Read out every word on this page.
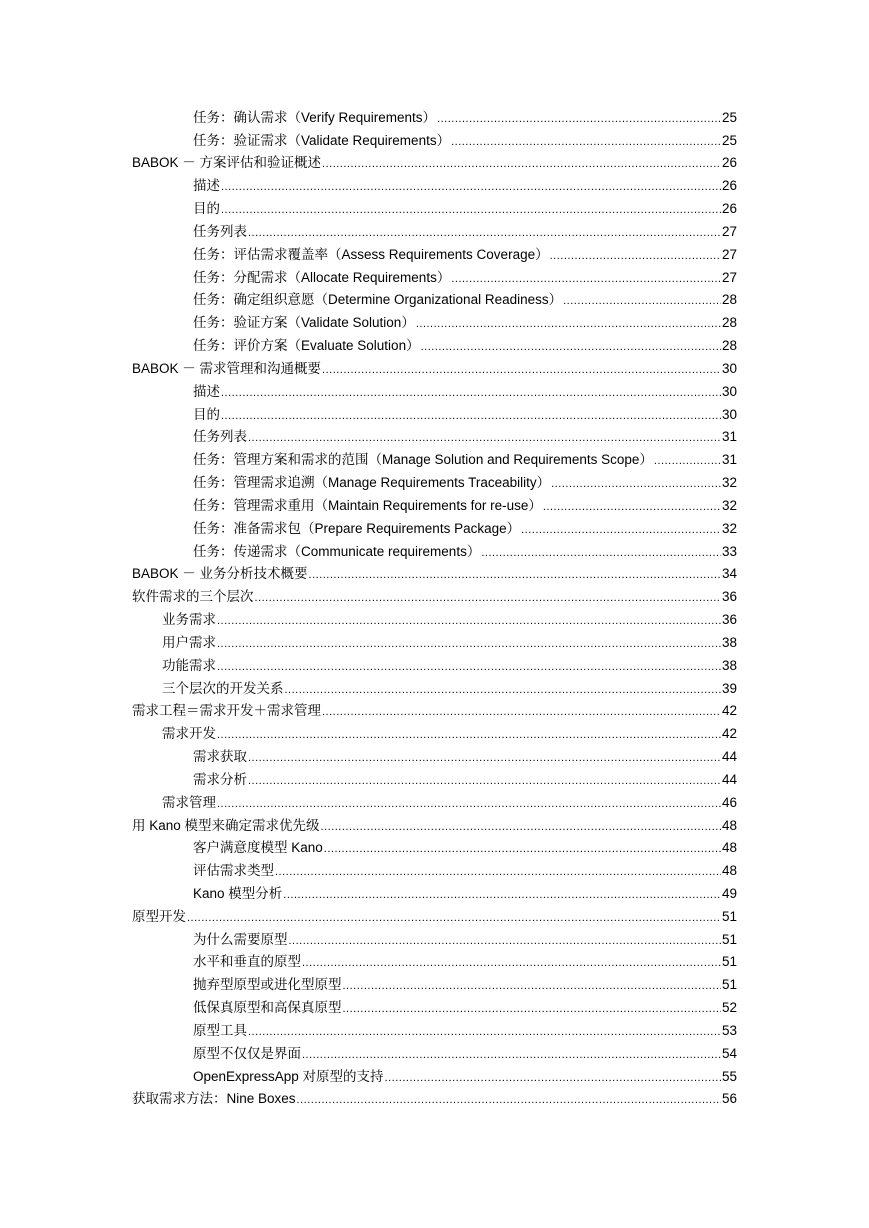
任务：确认需求（Verify Requirements） .....	25
任务：验证需求（Validate Requirements） .....	25
BABOK － 方案评估和验证概述 .....	26
描述 .....	26
目的 .....	26
任务列表 .....	27
任务：评估需求覆盖率（Assess Requirements Coverage） .....	27
任务：分配需求（Allocate Requirements） .....	27
任务：确定组织意愿（Determine Organizational Readiness） .....	28
任务：验证方案（Validate Solution） .....	28
任务：评价方案（Evaluate Solution） .....	28
BABOK － 需求管理和沟通概要 .....	30
描述 .....	30
目的 .....	30
任务列表 .....	31
任务：管理方案和需求的范围（Manage Solution and Requirements Scope） .....	31
任务：管理需求追溯（Manage Requirements Traceability） .....	32
任务：管理需求重用（Maintain Requirements for re-use） .....	32
任务：准备需求包（Prepare Requirements Package） .....	32
任务：传递需求（Communicate requirements） .....	33
BABOK － 业务分析技术概要 .....	34
软件需求的三个层次 .....	36
业务需求 .....	36
用户需求 .....	38
功能需求 .....	38
三个层次的开发关系 .....	39
需求工程＝需求开发＋需求管理 .....	42
需求开发 .....	42
需求获取 .....	44
需求分析 .....	44
需求管理 .....	46
用 Kano 模型来确定需求优先级 .....	48
客户满意度模型 Kano .....	48
评估需求类型 .....	48
Kano 模型分析 .....	49
原型开发 .....	51
为什么需要原型 .....	51
水平和垂直的原型 .....	51
抛弃型原型或进化型原型 .....	51
低保真原型和高保真原型 .....	52
原型工具 .....	53
原型不仅仅是界面 .....	54
OpenExpressApp 对原型的支持 .....	55
获取需求方法：Nine Boxes .....	56
